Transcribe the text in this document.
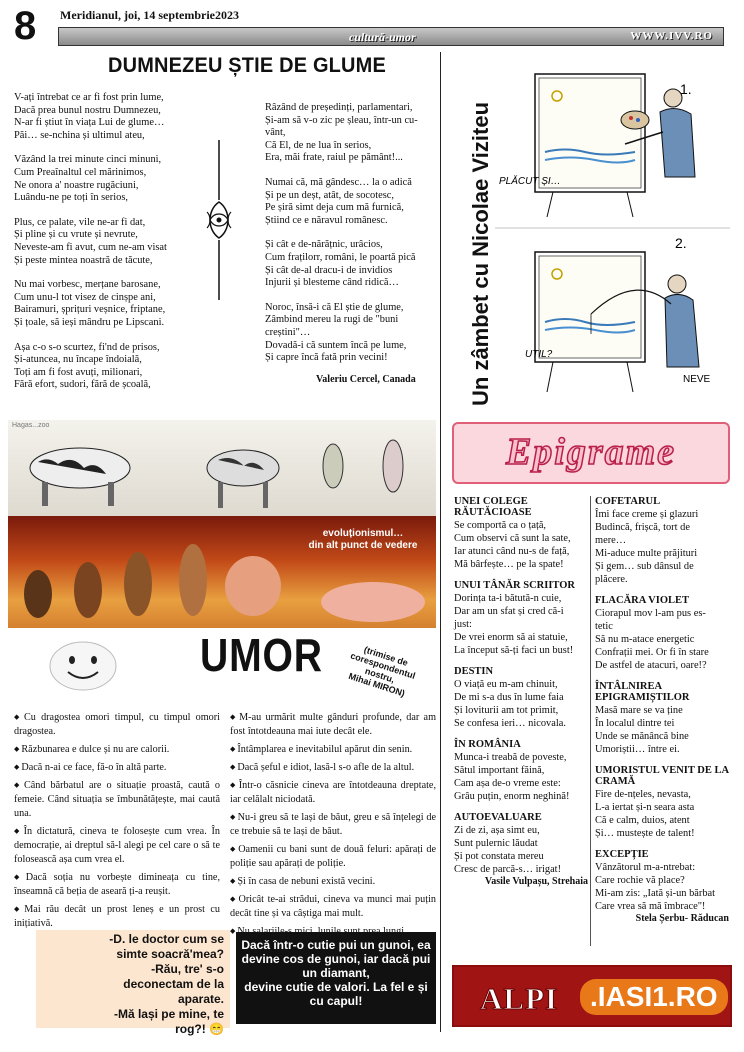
8 Meridianul, joi, 14 septembrie2023
cultură-umor	WWW.IVV.RO
DUMNEZEU ȘTIE DE GLUME

V-ați întrebat ce ar fi fost prin lume,
Dacă prea bunul nostru Dumnezeu,
N-ar fi știut în viața Lui de glume…
Păi… se-nchina și ultimul ateu,

Văzând la trei minute cinci minuni,
Cum Preaînaltul cel mărinimos,
Ne onora a' noastre rugăciuni,
Luându-ne pe toți în serios,

Plus, ce palate, vile ne-ar fi dat,
Și pline și cu vrute și nevrute,
Neveste-am fi avut, cum ne-am visat
Și peste mintea noastră de tăcute,

Nu mai vorbesc, merțane barosane,
Cum unu-l tot visez de cinșpe ani,
Bairamuri, șprițuri veșnice, friptane,
Și țoale, să ieși mândru pe Lipscani.

Așa c-o s-o scurtez, fi'nd de prisos,
Și-atuncea, nu încape îndoială,
Toți am fi fost avuți, milionari,
Fără efort, sudori, fără de școală,

Râzând de președinți, parlamentari,
Și-am să v-o zic pe șleau, într-un cu-
vânt,
Că El, de ne lua în serios,
Era, măi frate, raiul pe pământ!...

Numai că, mă gândesc… la o adică
Și pe un deșt, atât, de socotesc,
Pe șiră simt deja cum mă furnică,
Știind ce e năravul românesc.

Și cât e de-nărățnic, urâcios,
Cum frațilorr, români, le poartă pică
Și cât de-al dracu-i de invidios
Injurii și blesteme când ridică…

Noroc, însă-i că El știe de glume,
Zâmbind mereu la rugi de "buni
creștini"…
Dovadă-i că suntem încă pe lume,
Și capre încă fată prin vecini!

Valeriu Cercel, Canada Un zâmbet cu Nicolae Viziteu
1.
PLĂCUT ȘI…
2.
UTIL?
NEVE
Hagas...zoo
evoluționismul…
din alt punct de vedere
UMOR	(trimise de
corespondentul
nostru,
Mihai MIRON)
◆ Cu dragostea omori timpul, cu timpul omori dragostea.
◆ Răzbunarea e dulce și nu are calorii.
◆ Dacă n-ai ce face, fă-o în altă parte.
◆ Când bărbatul are o situație proastă, caută o femeie. Când situația se îmbunătățește, mai caută una.
◆ În dictatură, cineva te folosește cum vrea. În democrație, ai dreptul să-l alegi pe cel care o să te folosească așa cum vrea el.
◆ Dacă soția nu vorbește dimineața cu tine, înseamnă că beția de aseară ți-a reușit.
◆ Mai rău decât un prost leneș e un prost cu inițiativă.
◆ M-au urmărit multe gânduri profunde, dar am fost întotdeauna mai iute decât ele.
◆ Întâmplarea e inevitabilul apărut din senin.
◆ Dacă șeful e idiot, lasă-l s-o afle de la altul.
◆ Într-o căsnicie cineva are întotdeauna dreptate, iar celălalt niciodată.
◆ Nu-i greu să te lași de băut, greu e să înțelegi de ce trebuie să te lași de băut.
◆ Oamenii cu bani sunt de două feluri: apărați de poliție sau apărați de poliție.
◆ Și în casa de nebuni există vecini.
◆ Oricât te-ai strădui, cineva va munci mai puțin decât tine și va câștiga mai mult.
◆
-D. le doctor cum se
simte soacră'mea?
-Rău, tre' s-o
deconectam de la
aparate.
-Mă lași pe mine, te
rog?! 😁
Dacă într-o cutie pui un gunoi, ea devine cos de gunoi, iar dacă pui un diamant,
devine cutie de valori. La fel e și cu capul!
Epigrame
UNEI COLEGE RĂUTĂCIOASE
Se comportă ca o țață,
Cum observi că sunt la sate,
Iar atunci când nu-s de față,
Mă bârfește… pe la spate!
UNUI TÂNĂR SCRIITOR
Dorința ta-i bătută-n cuie,
Dar am un sfat și cred că-i
just:
De vrei enorm să ai statuie,
La început să-ți faci un bust!
DESTIN
O viață eu m-am chinuit,
De mi s-a dus în lume faia
Și loviturii am tot primit,
Se confesa ieri… nicovala.
ÎN ROMÂNIA
Munca-i treabă de poveste,
Sătul important făină,
Cam așa de-o vreme este:
Grâu puțin, enorm neghină!
AUTOEVALUARE
Zi de zi, așa simt eu,
Sunt pulernic lăudat
Și pot constata mereu
Cresc de parcă-s… irigat!
Vasile Vulpașu, Strehaia
COFETARUL
Îmi face creme și glazuri
Budincă, frișcă, tort de
mere…
Mi-aduce multe prăjituri
Și gem… sub dânsul de
plăcere.
FLACĂRA VIOLET
Ciorapul mov l-am pus es-
tetic
Să nu m-atace energetic
Confrații mei. Or fi în stare
De astfel de atacuri, oare!?
ÎNTÂLNIREA EPIGRAMIȘTILOR
Masă mare se va ține
În localul dintre tei
Unde se mănâncă bine
Umoriștii… între ei.
UMORISTUL VENIT DE LA CRAMĂ
Fire de-nțeles, nevasta,
L-a iertat și-n seara asta
Că e calm, duios, atent
Și… mustește de talent!
EXCEPȚIE
Vânzătorul m-a-ntrebat:
Care rochie vă place?
Mi-am zis: „Iată și-un bărbat
Care vrea să mă îmbrace"!
Stela Șerbu- Răducan
ALPI	.IASI1.RO
